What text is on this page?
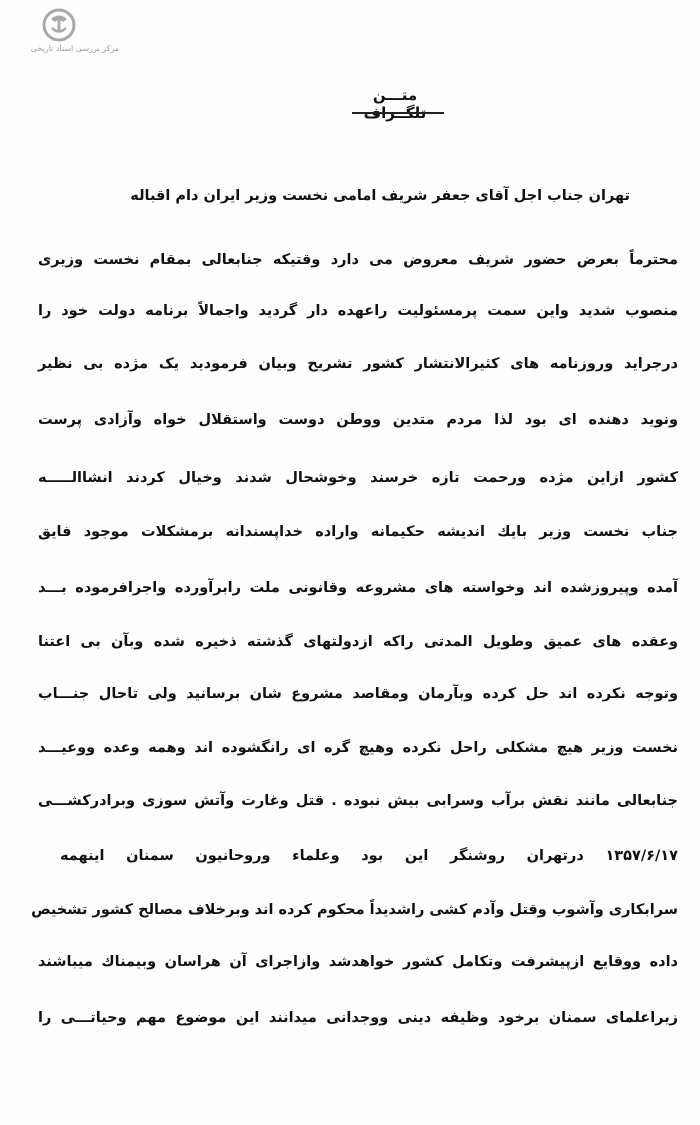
مرکز بررسی اسناد تاریخی
متـــن تلگــراف
تهران جناب اجل آقای جعفر شریف امامی نخست وزیر ایران دام اقباله
محترماً بعرض حضور شریف معروض می دارد وقتیکه جنابعالی بمقام نخست وزیری
منصوب شدید واین سمت پرمسئولیت راعهده دار گردید واجمالاً برنامه دولت خود را
درجراید وروزنامه های کثیرالانتشار کشور تشریح وبیان فرمودید یک مژده بی نظیر
ونوید دهنده ای بود لذا مردم متدین ووطن دوست واستقلال خواه وآزادی پرست
کشور ازاین مژده ورحمت تازه خرسند وخوشحال شدند وخیال کردند انشاالـــــه
جناب نخست وزیر بایك اندیشه حکیمانه واراده خداپسندانه برمشکلات موجود فایق
آمده وپیروزشده اند وخواسته های مشروعه وقانونی ملت رابرآورده واجرافرموده بـــد
وعقده های عمیق وطویل المدتی راکه ازدولتهای گذشته ذخیره شده وبآن بی اعتنا
وتوجه نکرده اند حل کرده وبآرمان ومقاصد مشروع شان برسانید ولی تاحال جنـــاب
نخست وزیر هیچ مشکلی راحل نکرده وهیچ گره ای رانگشوده اند وهمه وعده ووعیـــد
جنابعالی مانند نقش برآب وسرابی بیش نبوده . قتل وغارت وآتش سوزی وبرادرکشـــی
۱۳۵۷/۶/۱۷ درتهران روشنگر این بود وعلماء وروحانیون سمنان اینهمه
سرابکاری وآشوب وقتل وآدم کشی راشدیداً محکوم کرده اند وبرخلاف مصالح کشور تشخیص
داده ووقایع ازپیشرفت وتکامل کشور خواهدشد وازاجرای آن هراسان وبیمناك میباشند
زیراعلمای سمنان برخود وظیفه دینی ووجدانی میدانند این موضوع مهم وحیاتـــی را
